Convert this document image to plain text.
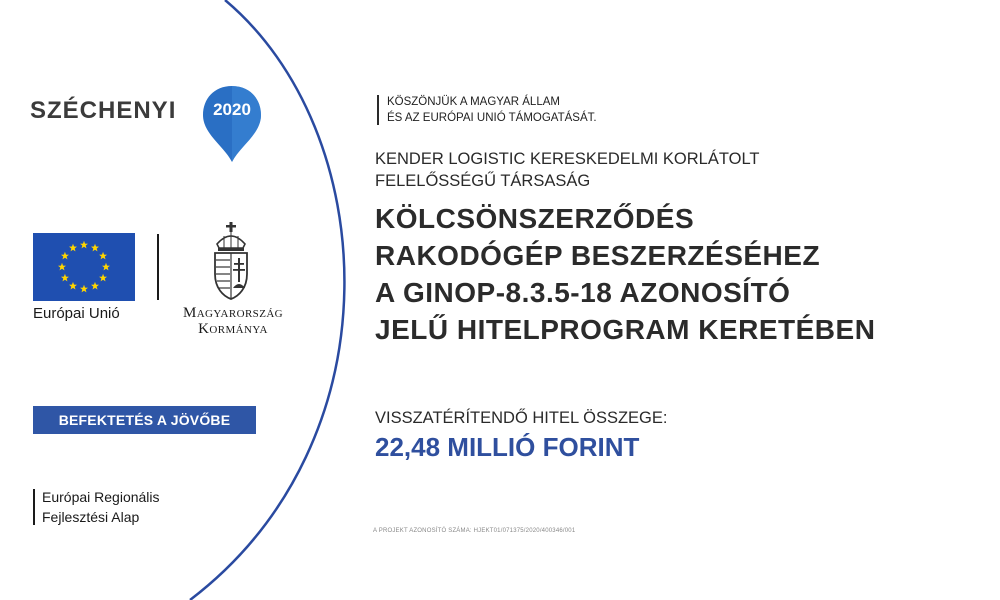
SZÉCHENYI	2020
Európai Unió	Magyarország
Kormánya
BEFEKTETÉS A JÖVŐBE
Európai Regionális
Fejlesztési Alap
KÖSZÖNJÜK A MAGYAR ÁLLAM
ÉS AZ EURÓPAI UNIÓ TÁMOGATÁSÁT.
KENDER LOGISTIC KERESKEDELMI KORLÁTOLT
FELELŐSSÉGŰ TÁRSASÁG
KÖLCSÖNSZERZŐDÉS
RAKODÓGÉP BESZERZÉSÉHEZ
A GINOP-8.3.5-18 AZONOSÍTÓ
JELŰ HITELPROGRAM KERETÉBEN
VISSZATÉRÍTENDŐ HITEL ÖSSZEGE:
22,48 MILLIÓ FORINT
A PROJEKT AZONOSÍTÓ SZÁMA: HJEKT01/071375/2020/400346/001
